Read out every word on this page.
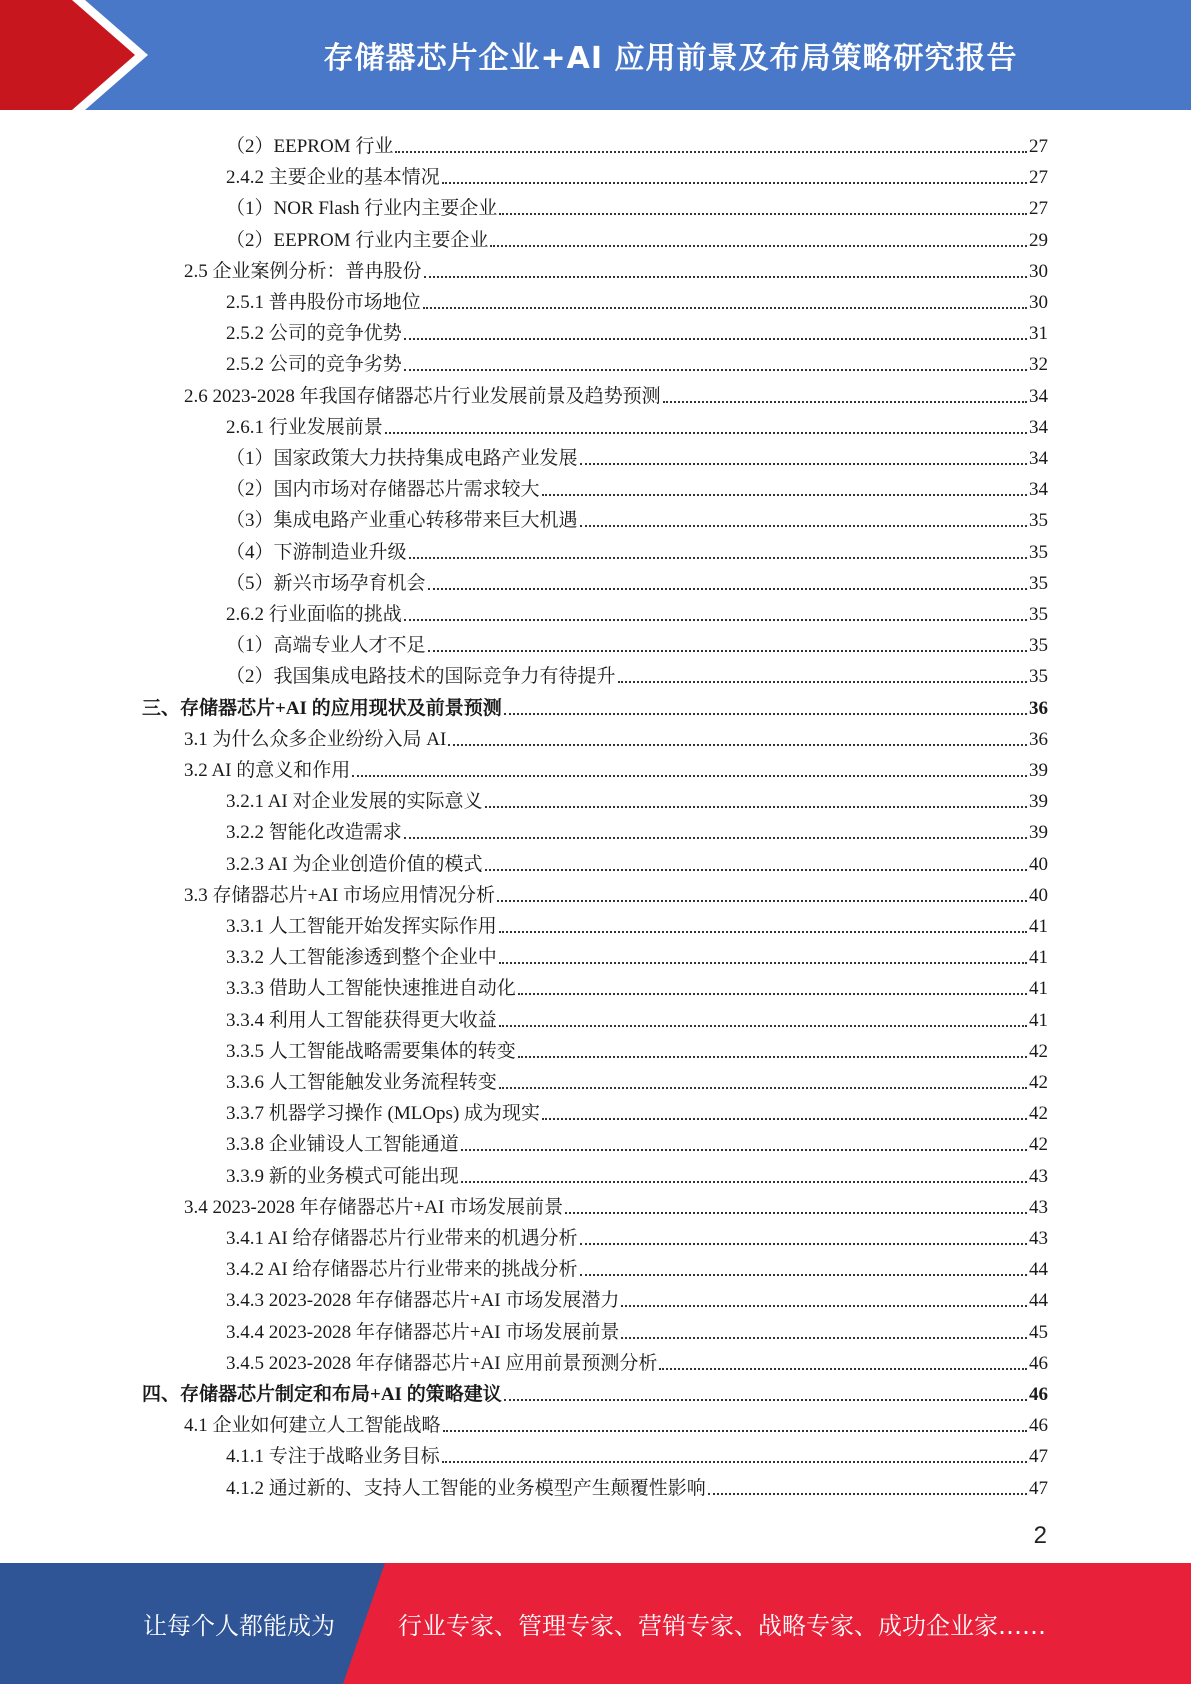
存储器芯片企业+AI 应用前景及布局策略研究报告
（2）EEPROM 行业	27
2.4.2 主要企业的基本情况	27
（1）NOR Flash 行业内主要企业	27
（2）EEPROM 行业内主要企业	29
2.5 企业案例分析：普冉股份	30
2.5.1 普冉股份市场地位	30
2.5.2 公司的竞争优势	31
2.5.2 公司的竞争劣势	32
2.6 2023-2028 年我国存储器芯片行业发展前景及趋势预测	34
2.6.1 行业发展前景	34
（1）国家政策大力扶持集成电路产业发展	34
（2）国内市场对存储器芯片需求较大	34
（3）集成电路产业重心转移带来巨大机遇	35
（4）下游制造业升级	35
（5）新兴市场孕育机会	35
2.6.2 行业面临的挑战	35
（1）高端专业人才不足	35
（2）我国集成电路技术的国际竞争力有待提升	35
三、存储器芯片+AI 的应用现状及前景预测	36
3.1 为什么众多企业纷纷入局 AI	36
3.2 AI 的意义和作用	39
3.2.1 AI 对企业发展的实际意义	39
3.2.2 智能化改造需求	39
3.2.3 AI 为企业创造价值的模式	40
3.3 存储器芯片+AI 市场应用情况分析	40
3.3.1 人工智能开始发挥实际作用	41
3.3.2 人工智能渗透到整个企业中	41
3.3.3 借助人工智能快速推进自动化	41
3.3.4 利用人工智能获得更大收益	41
3.3.5 人工智能战略需要集体的转变	42
3.3.6 人工智能触发业务流程转变	42
3.3.7 机器学习操作 (MLOps) 成为现实	42
3.3.8 企业铺设人工智能通道	42
3.3.9 新的业务模式可能出现	43
3.4 2023-2028 年存储器芯片+AI 市场发展前景	43
3.4.1 AI 给存储器芯片行业带来的机遇分析	43
3.4.2 AI 给存储器芯片行业带来的挑战分析	44
3.4.3 2023-2028 年存储器芯片+AI 市场发展潜力	44
3.4.4 2023-2028 年存储器芯片+AI 市场发展前景	45
3.4.5 2023-2028 年存储器芯片+AI 应用前景预测分析	46
四、存储器芯片制定和布局+AI 的策略建议	46
4.1 企业如何建立人工智能战略	46
4.1.1 专注于战略业务目标	47
4.1.2 通过新的、支持人工智能的业务模型产生颠覆性影响	47
2
让每个人都能成为	行业专家、管理专家、营销专家、战略专家、成功企业家……
